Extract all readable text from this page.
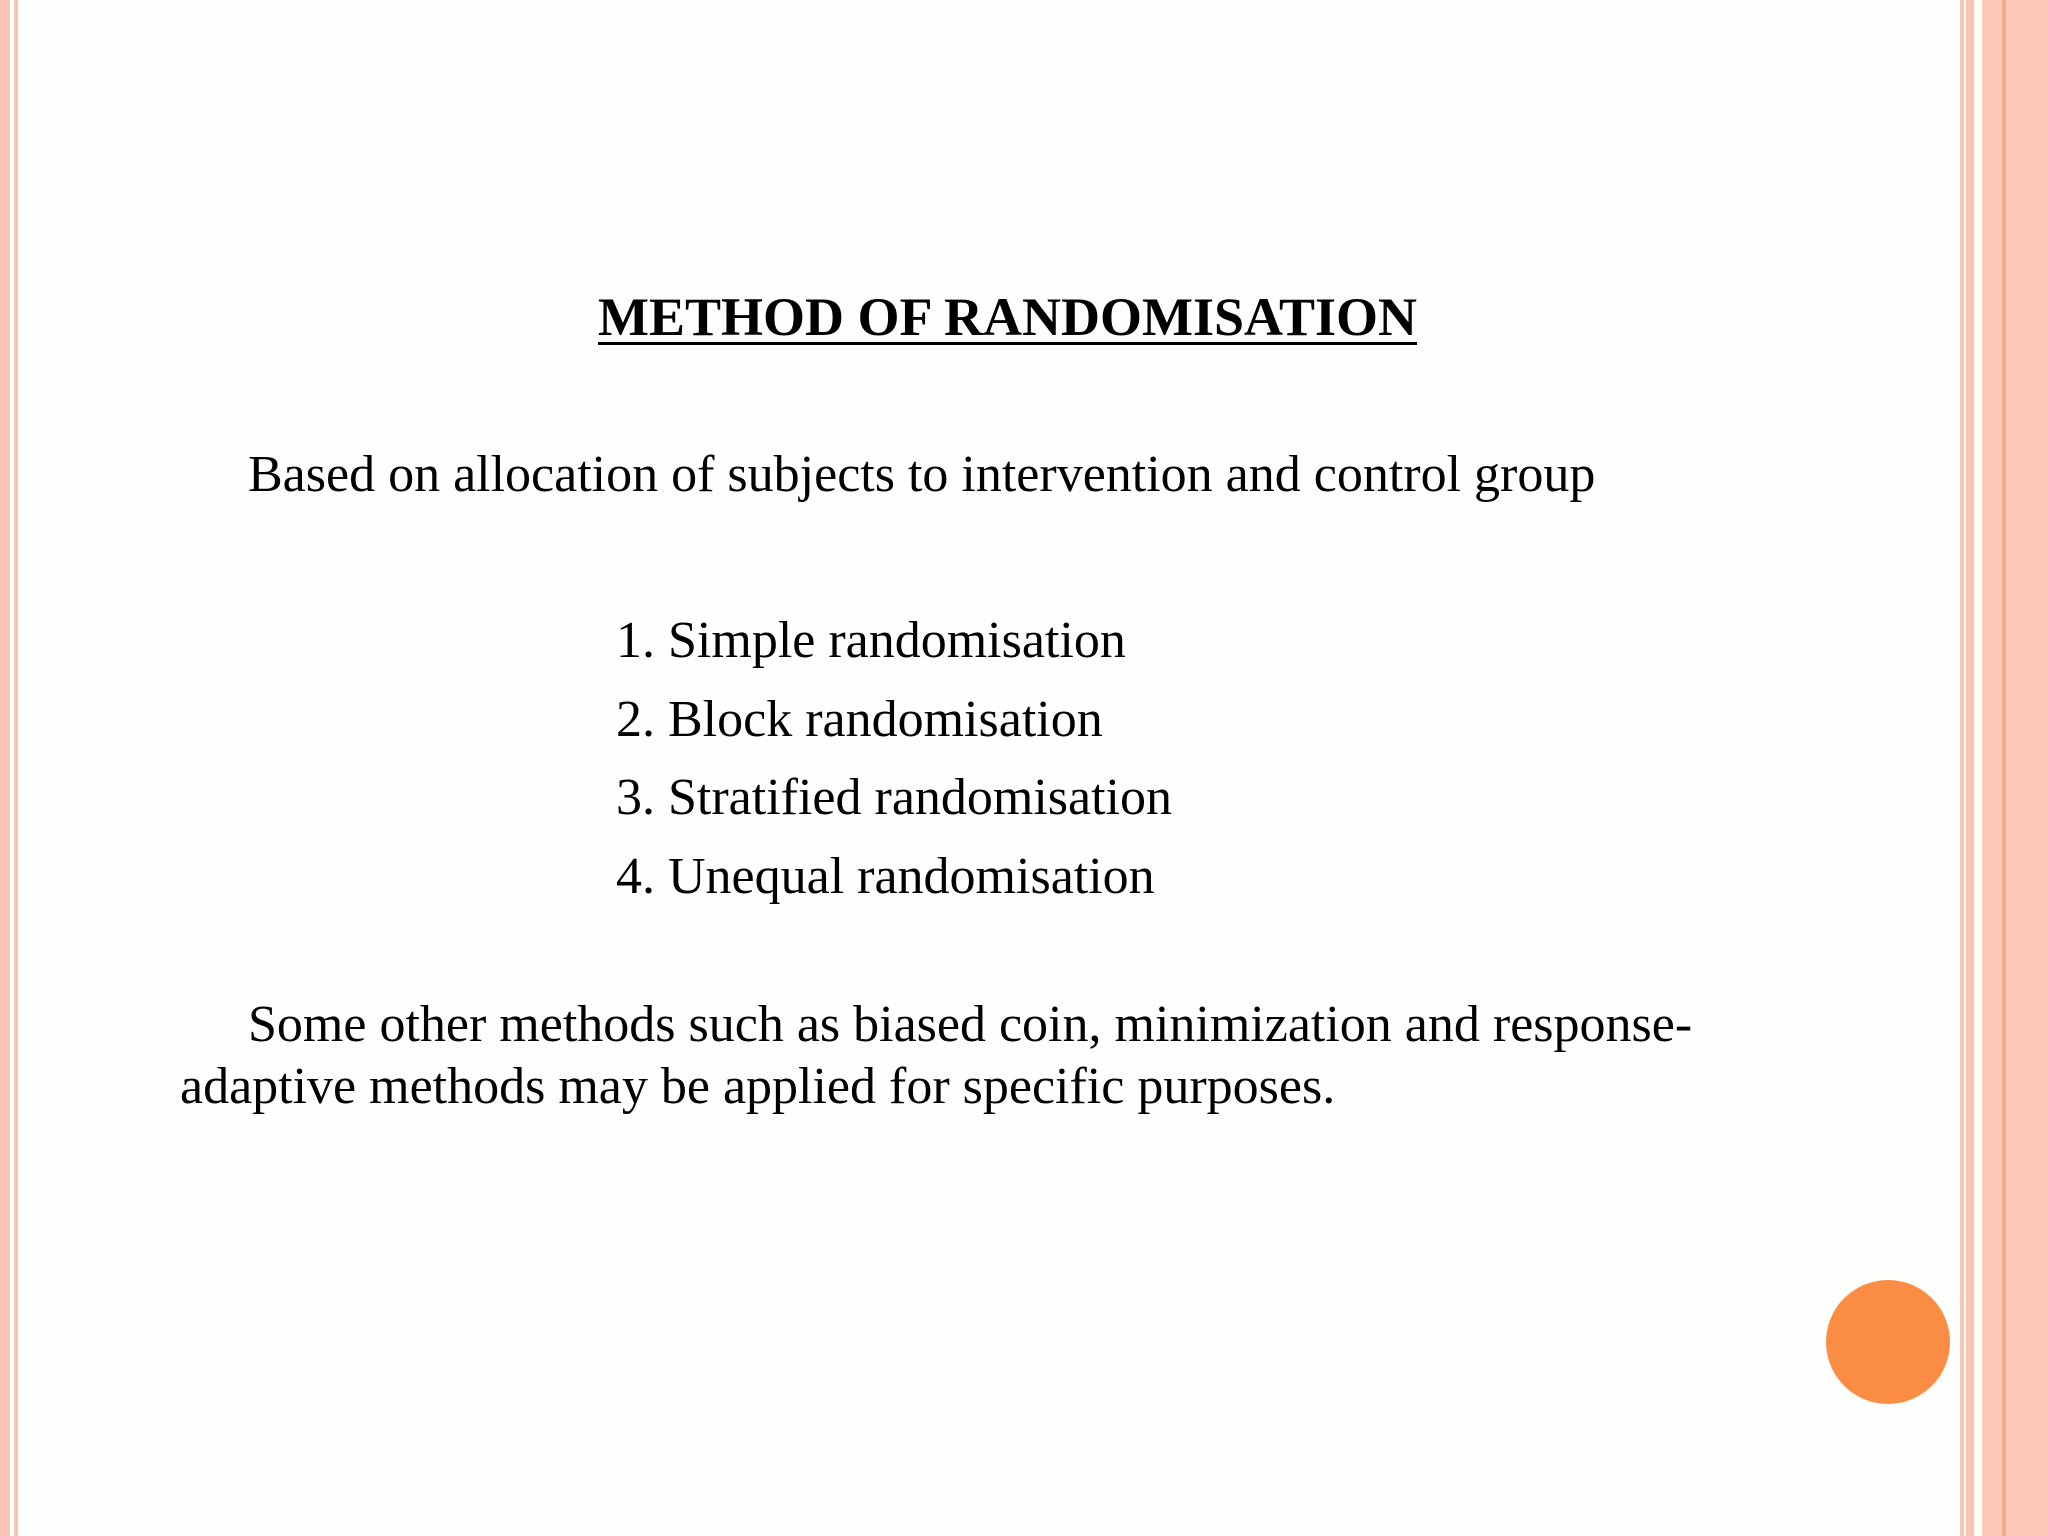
METHOD OF RANDOMISATION
Based on allocation of subjects to intervention and control group
1. Simple randomisation
2. Block randomisation
3. Stratified randomisation
4. Unequal randomisation
Some other methods such as biased coin, minimization and response-
adaptive methods may be applied for specific purposes.
